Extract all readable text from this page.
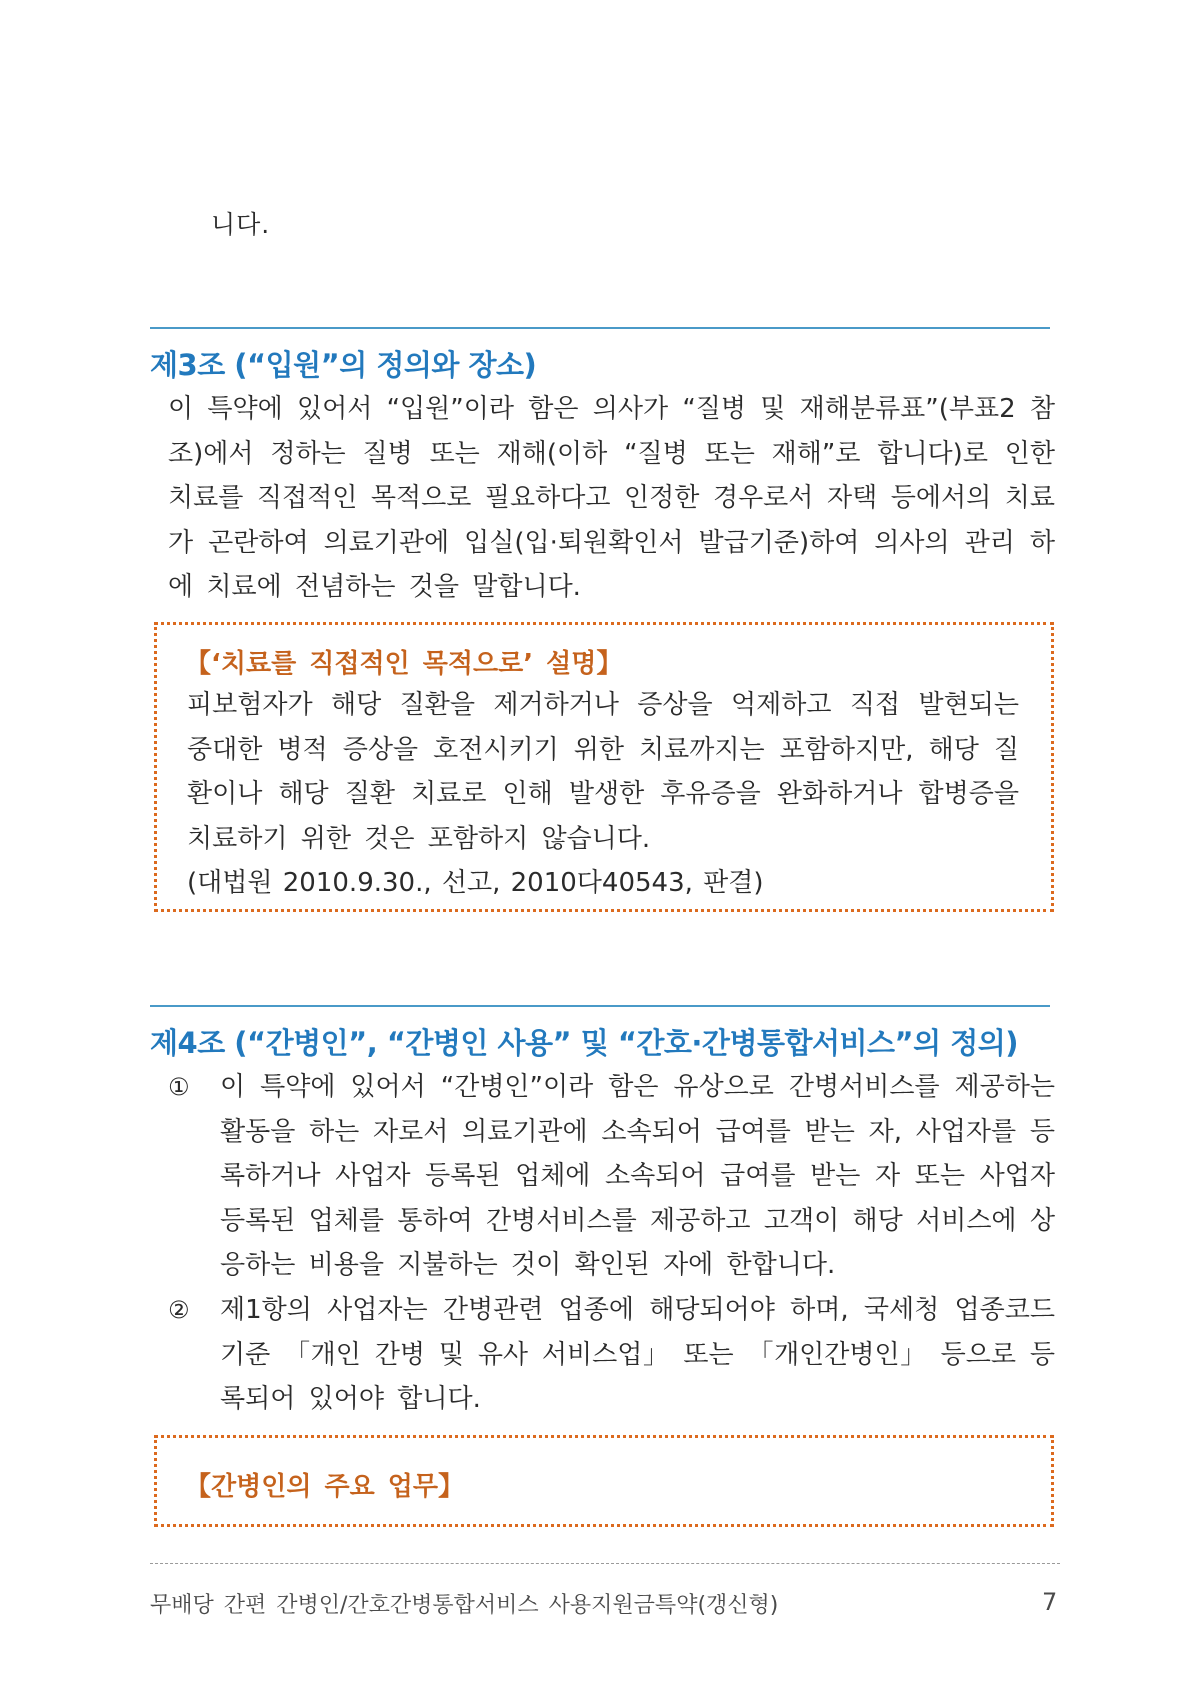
니다.
제3조 (“입원”의 정의와 장소)
이 특약에 있어서 “입원”이라 함은 의사가 “질병 및 재해분류표”(부표2 참조)에서 정하는 질병 또는 재해(이하 “질병 또는 재해”로 합니다)로 인한 치료를 직접적인 목적으로 필요하다고 인정한 경우로서 자택 등에서의 치료가 곤란하여 의료기관에 입실(입·퇴원확인서 발급기준)하여 의사의 관리 하에 치료에 전념하는 것을 말합니다.
【‘치료를 직접적인 목적으로’ 설명】
피보험자가 해당 질환을 제거하거나 증상을 억제하고 직접 발현되는 중대한 병적 증상을 호전시키기 위한 치료까지는 포함하지만, 해당 질환이나 해당 질환 치료로 인해 발생한 후유증을 완화하거나 합병증을 치료하기 위한 것은 포함하지 않습니다.
(대법원 2010.9.30., 선고, 2010다40543, 판결)
제4조 (“간병인”, “간병인 사용” 및 “간호·간병통합서비스”의 정의)
①	이 특약에 있어서 “간병인”이라 함은 유상으로 간병서비스를 제공하는 활동을 하는 자로서 의료기관에 소속되어 급여를 받는 자, 사업자를 등록하거나 사업자 등록된 업체에 소속되어 급여를 받는 자 또는 사업자 등록된 업체를 통하여 간병서비스를 제공하고 고객이 해당 서비스에 상응하는 비용을 지불하는 것이 확인된 자에 한합니다.
②	제1항의 사업자는 간병관련 업종에 해당되어야 하며, 국세청 업종코드 기준 「개인 간병 및 유사 서비스업」 또는 「개인간병인」 등으로 등록되어 있어야 합니다.
【간병인의 주요 업무】
무배당 간편 간병인/간호간병통합서비스 사용지원금특약(갱신형)	7
